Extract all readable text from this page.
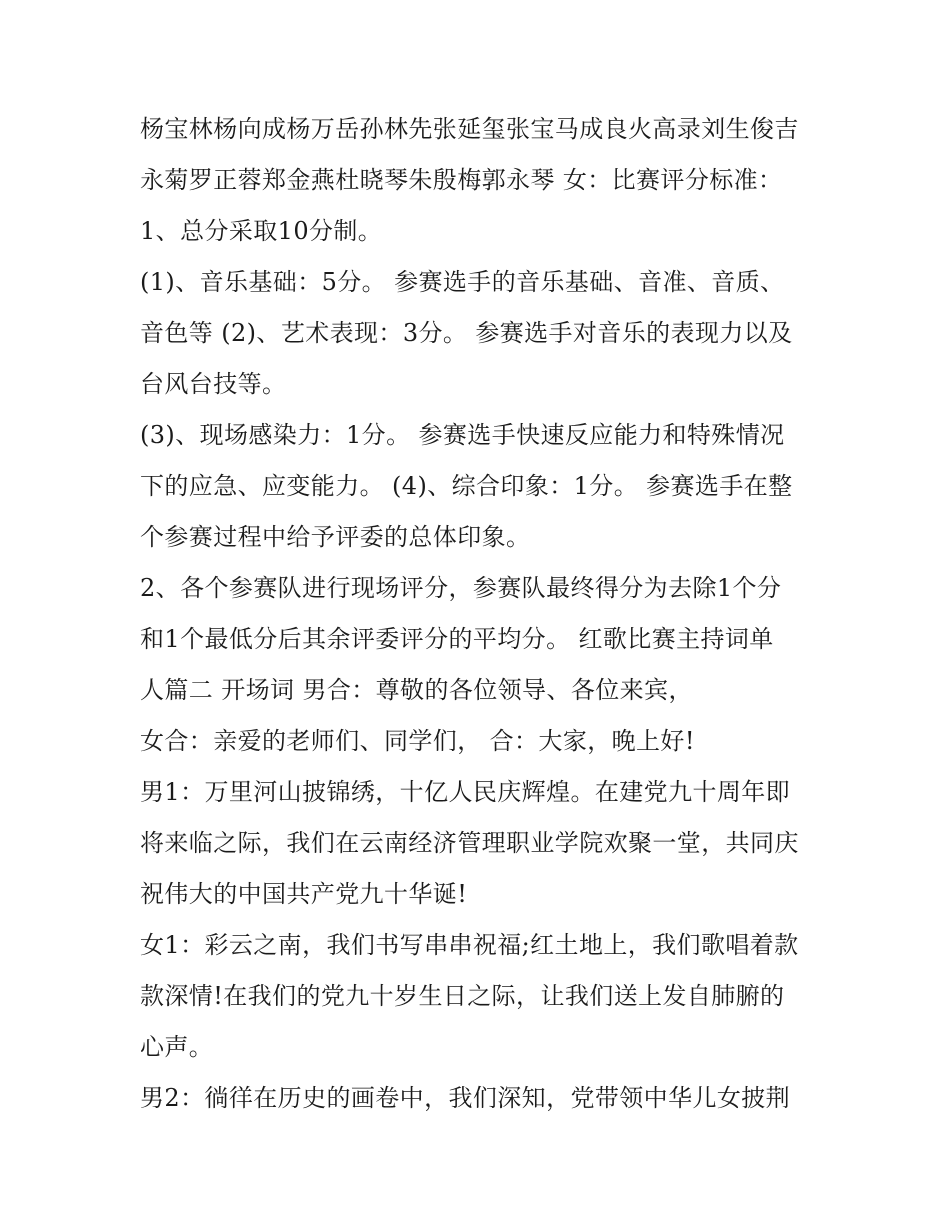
杨宝林杨向成杨万岳孙林先张延玺张宝马成良火高录刘生俊吉
永菊罗正蓉郑金燕杜晓琴朱殷梅郭永琴 女：比赛评分标准：
1、总分采取10分制。
(1)、音乐基础：5分。 参赛选手的音乐基础、音准、音质、
音色等 (2)、艺术表现：3分。 参赛选手对音乐的表现力以及
台风台技等。
(3)、现场感染力：1分。 参赛选手快速反应能力和特殊情况
下的应急、应变能力。 (4)、综合印象：1分。 参赛选手在整
个参赛过程中给予评委的总体印象。
2、各个参赛队进行现场评分，参赛队最终得分为去除1个分
和1个最低分后其余评委评分的平均分。 红歌比赛主持词单
人篇二 开场词 男合：尊敬的各位领导、各位来宾，
女合：亲爱的老师们、同学们， 合：大家，晚上好!
男1：万里河山披锦绣，十亿人民庆辉煌。在建党九十周年即
将来临之际，我们在云南经济管理职业学院欢聚一堂，共同庆
祝伟大的中国共产党九十华诞!
女1：彩云之南，我们书写串串祝福;红土地上，我们歌唱着款
款深情!在我们的党九十岁生日之际，让我们送上发自肺腑的
心声。
男2：徜徉在历史的画卷中，我们深知，党带领中华儿女披荆
